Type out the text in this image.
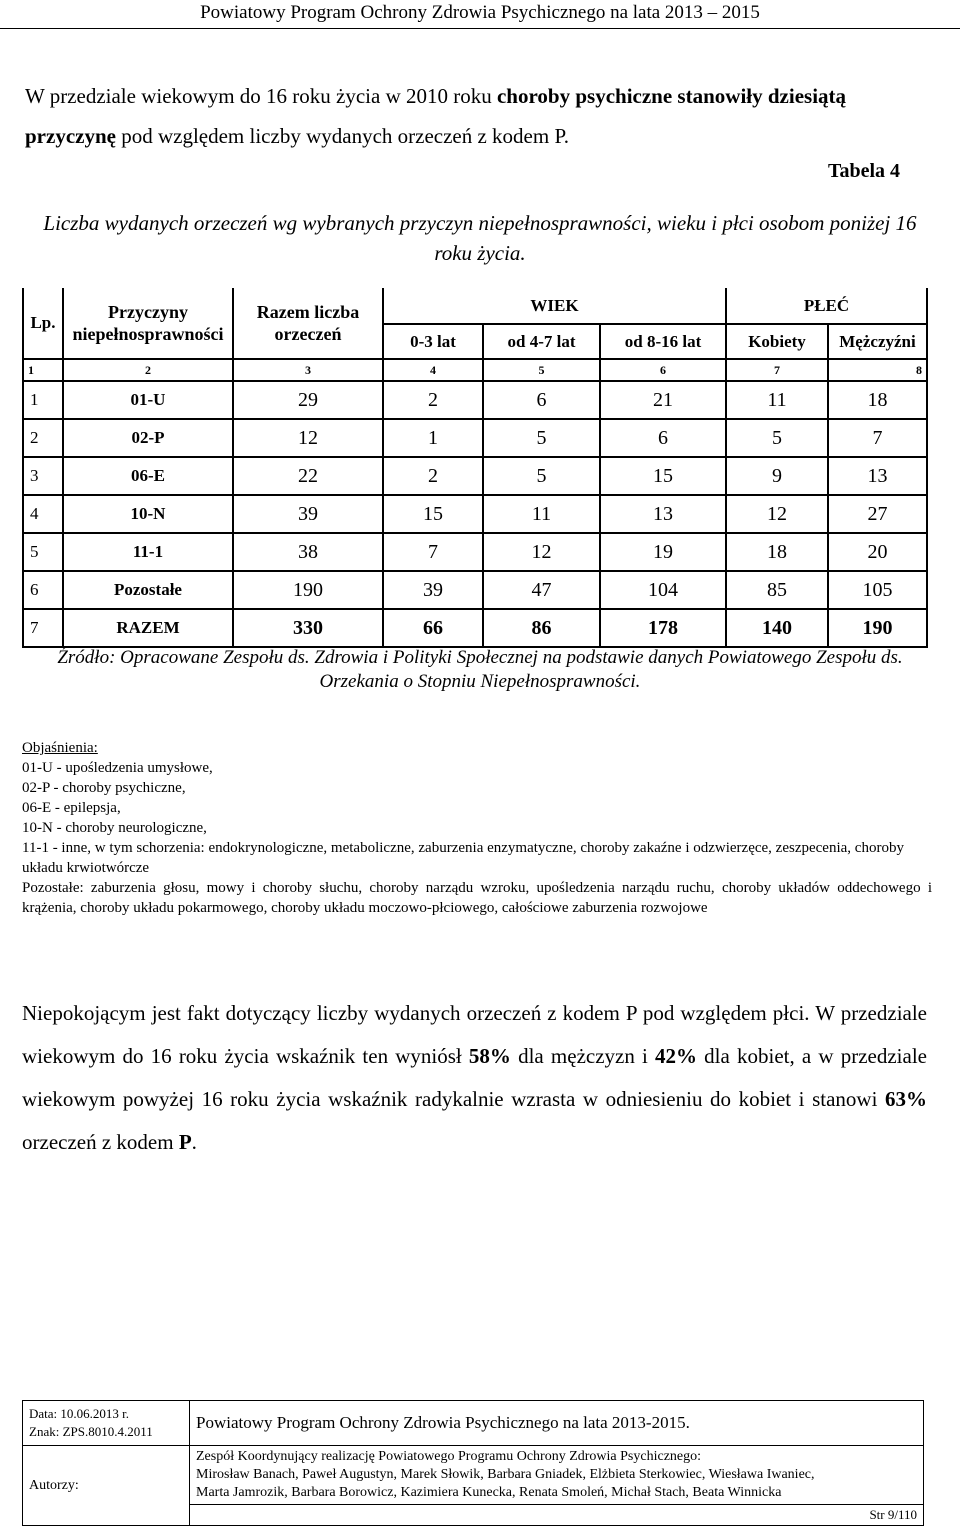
Powiatowy Program Ochrony Zdrowia Psychicznego na lata 2013 – 2015
W przedziale wiekowym do 16 roku życia w 2010 roku choroby psychiczne stanowiły dziesiątą przyczynę pod względem liczby wydanych orzeczeń z kodem P.
Tabela 4
Liczba wydanych orzeczeń wg wybranych przyczyn niepełnosprawności, wieku i płci osobom poniżej 16 roku życia.
Lp.	Przyczyny niepełnosprawności	Razem liczba orzeczeń	WIEK			PŁEĆ	
			0-3 lat	od 4-7 lat	od 8-16 lat	Kobiety	Mężczyźni
1	2	3	4	5	6	7	8
1	01-U	29	2	6	21	11	18
2	02-P	12	1	5	6	5	7
3	06-E	22	2	5	15	9	13
4	10-N	39	15	11	13	12	27
5	11-1	38	7	12	19	18	20
6	Pozostałe	190	39	47	104	85	105
7	RAZEM	330	66	86	178	140	190
Źródło: Opracowane Zespołu ds. Zdrowia i Polityki Społecznej na podstawie danych Powiatowego Zespołu ds. Orzekania o Stopniu Niepełnosprawności.

Objaśnienia:

01-U - upośledzenia umysłowe,

02-P - choroby psychiczne,

06-E - epilepsja,

10-N - choroby neurologiczne,

11-1 - inne, w tym schorzenia: endokrynologiczne, metaboliczne, zaburzenia enzymatyczne, choroby zakaźne i odzwierzęce, zeszpecenia, choroby układu krwiotwórcze

Pozostałe: zaburzenia głosu, mowy i choroby słuchu, choroby narządu wzroku, upośledzenia narządu ruchu, choroby układów oddechowego i krążenia, choroby układu pokarmowego, choroby układu moczowo-płciowego, całościowe zaburzenia rozwojowe

Niepokojącym jest fakt dotyczący liczby wydanych orzeczeń z kodem P pod względem płci. W przedziale wiekowym do 16 roku życia wskaźnik ten wyniósł 58% dla mężczyzn i 42% dla kobiet, a w przedziale wiekowym powyżej 16 roku życia wskaźnik radykalnie wzrasta w odniesieniu do kobiet i stanowi 63% orzeczeń z kodem P.
Data: 10.06.2013 r.
Znak: ZPS.8010.4.2011	Powiatowy Program Ochrony Zdrowia Psychicznego na lata 2013-2015.
Autorzy:	Zespół Koordynujący realizację Powiatowego Programu Ochrony Zdrowia Psychicznego:
Mirosław Banach, Paweł Augustyn, Marek Słowik, Barbara Gniadek, Elżbieta Sterkowiec, Wiesława Iwaniec,
Marta Jamrozik, Barbara Borowicz, Kazimiera Kunecka, Renata Smoleń, Michał Stach, Beata Winnicka

	Str 9/110
